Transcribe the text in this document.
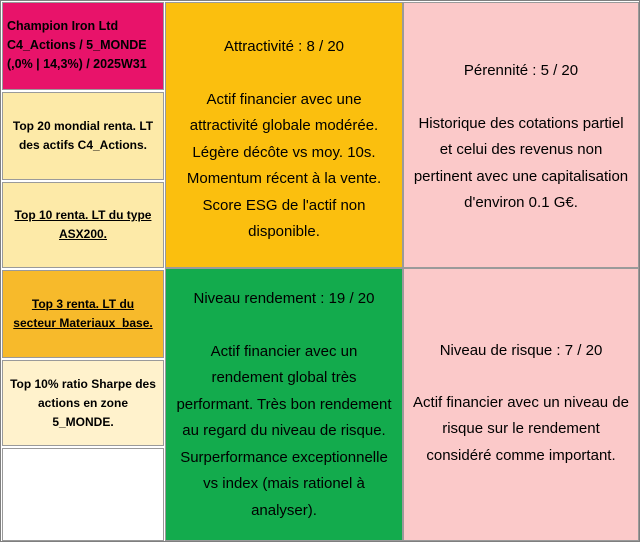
Champion Iron Ltd
C4_Actions / 5_MONDE
(,0% | 14,3%) / 2025W31
Top 20 mondial renta. LT des actifs C4_Actions.
Top 10 renta. LT du type ASX200.
Top 3 renta. LT du secteur Materiaux_base.
Top 10% ratio Sharpe des actions en zone 5_MONDE.
Attractivité : 8 / 20
Actif financier avec une attractivité globale modérée. Légère décôte vs moy. 10s. Momentum récent à la vente. Score ESG de l'actif non disponible.
Pérennité : 5 / 20
Historique des cotations partiel et celui des revenus non pertinent avec une capitalisation d'environ 0.1 G€.
Niveau rendement : 19 / 20
Actif financier avec un rendement global très performant. Très bon rendement au regard du niveau de risque. Surperformance exceptionnelle vs index (mais rationel à analyser).
Niveau de risque : 7 / 20
Actif financier avec un niveau de risque sur le rendement considéré comme important.
